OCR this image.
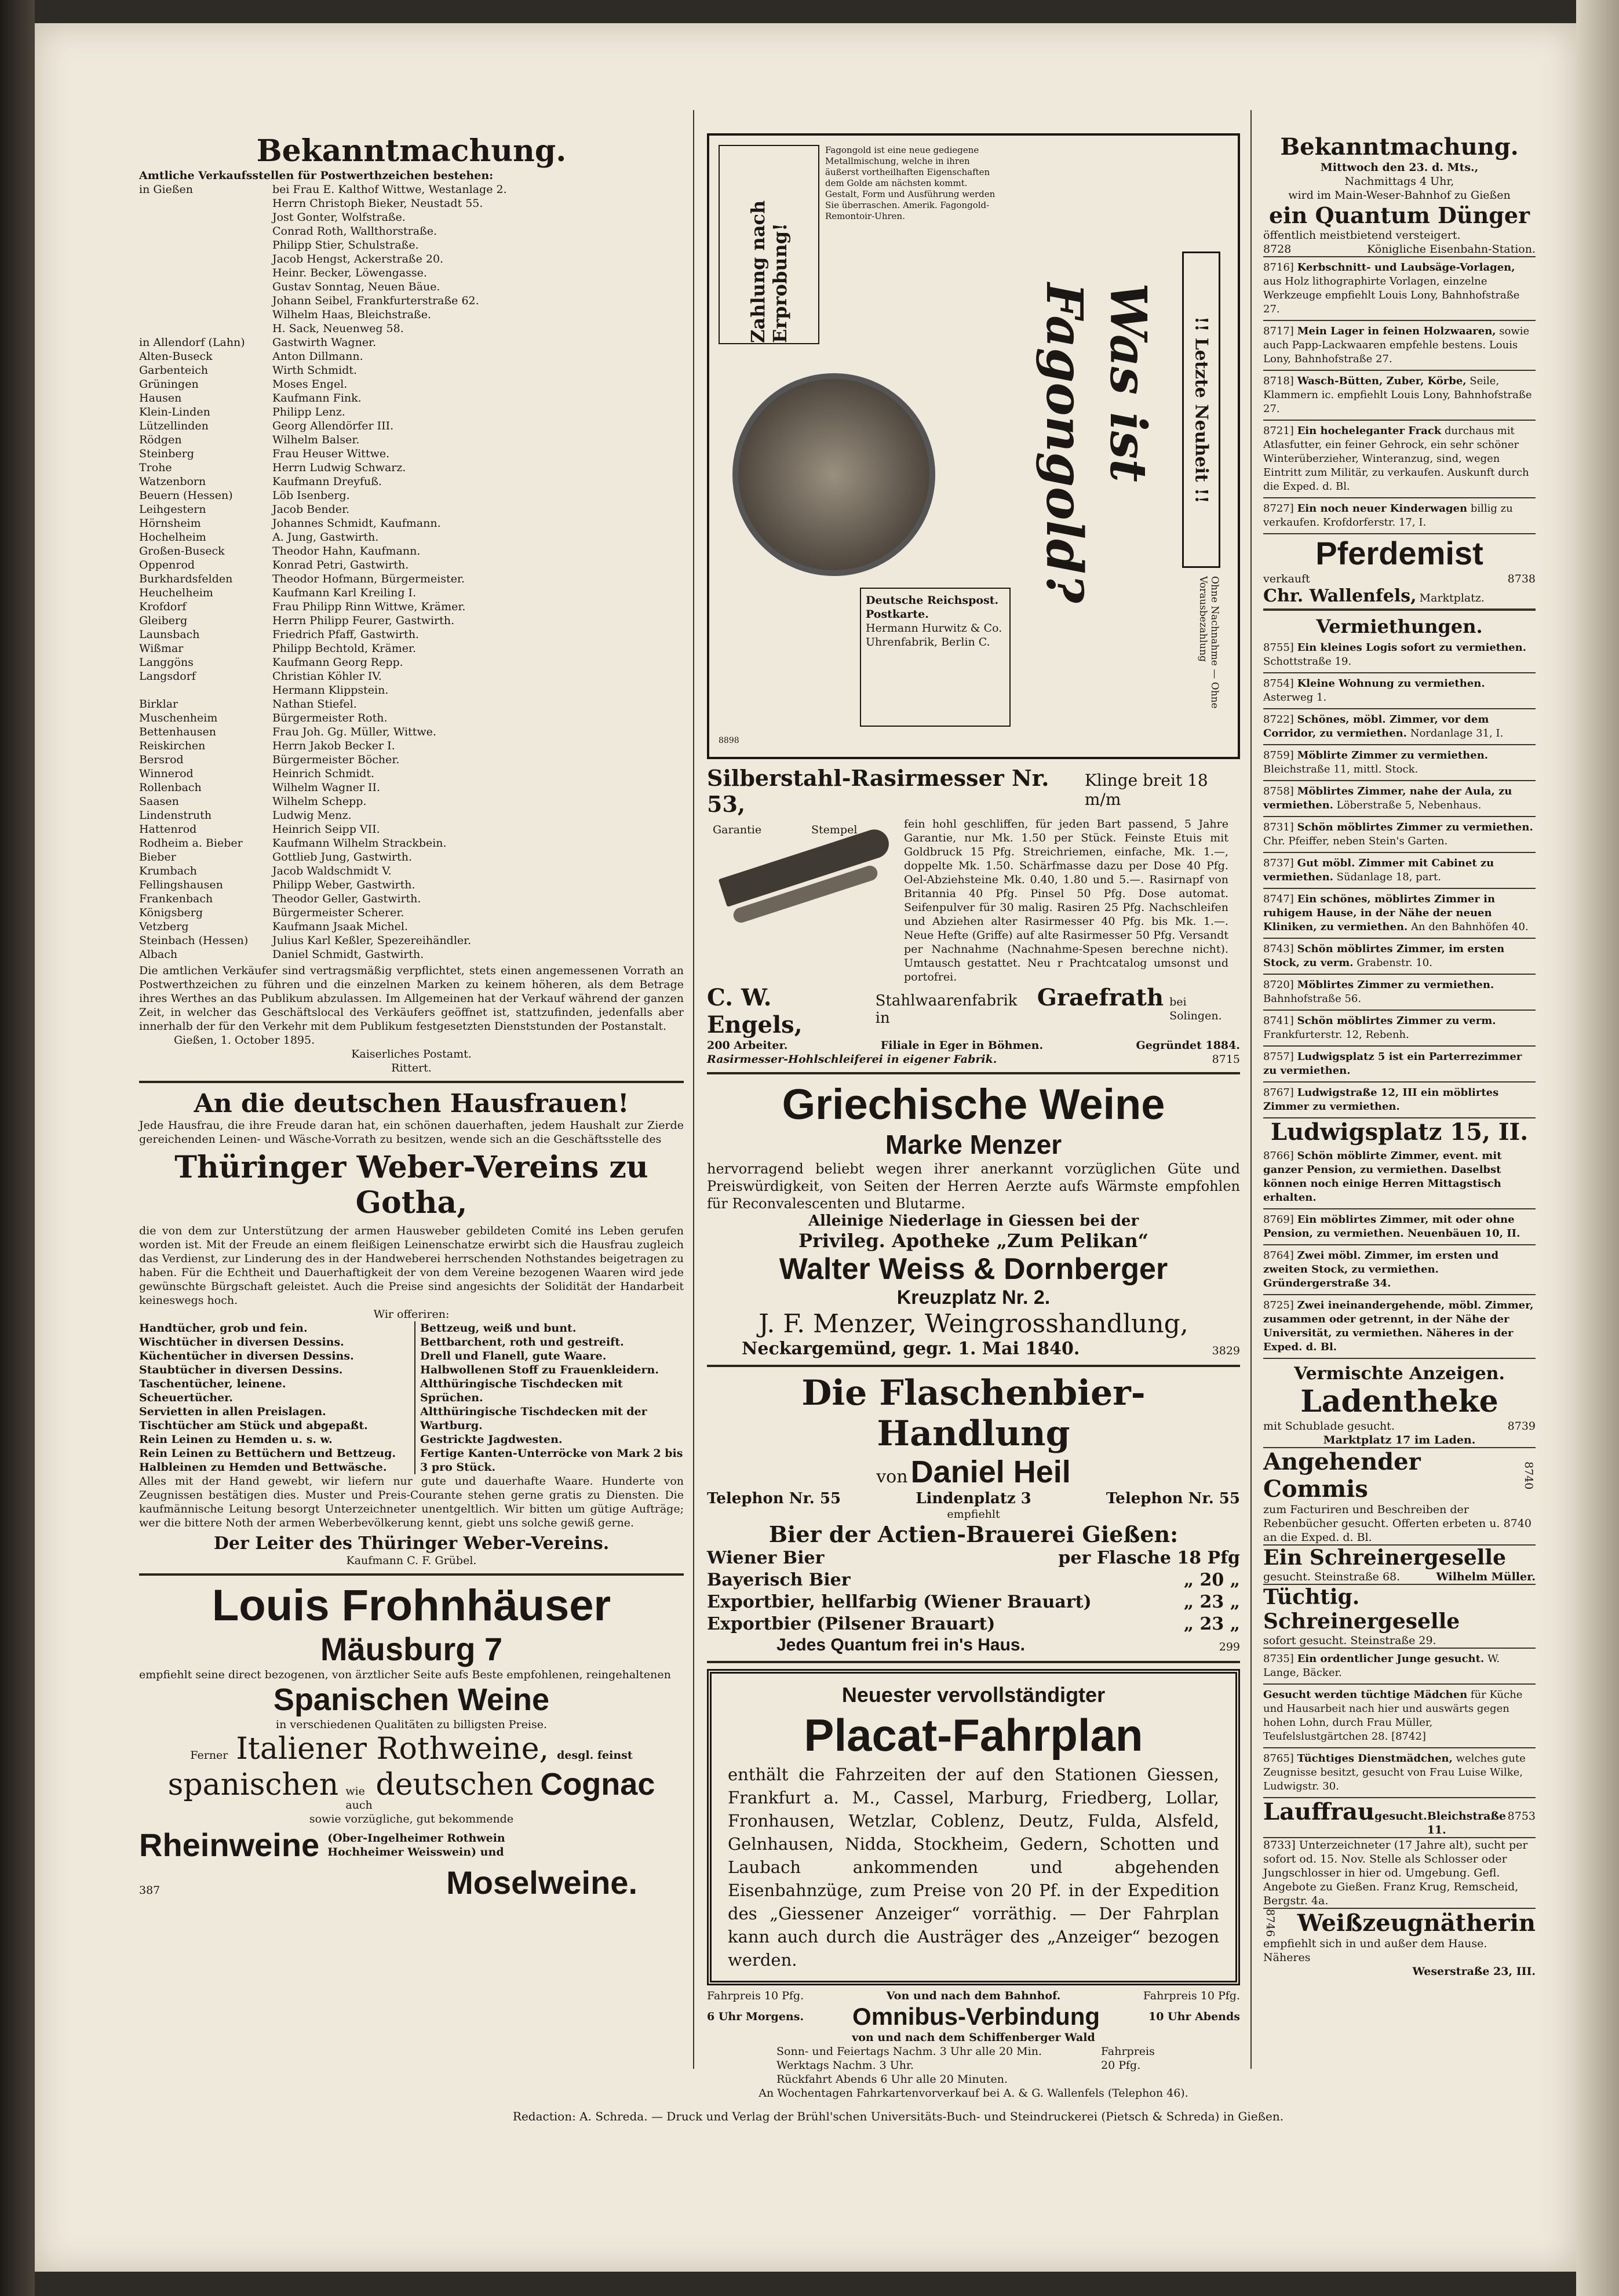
Bekanntmachung.
Amtliche Verkaufsstellen für Postwerthzeichen bestehen:
in Gießen	bei Frau E. Kalthof Wittwe, Westanlage 2.
Herrn Christoph Bieker, Neustadt 55.
Jost Gonter, Wolfstraße.
Conrad Roth, Wallthorstraße.
Philipp Stier, Schulstraße.
Jacob Hengst, Ackerstraße 20.
Heinr. Becker, Löwengasse.
Gustav Sonntag, Neuen Bäue.
Johann Seibel, Frankfurterstraße 62.
Wilhelm Haas, Bleichstraße.
H. Sack, Neuenweg 58.
in Allendorf (Lahn)	Gastwirth Wagner.
Alten-Buseck	Anton Dillmann.
Garbenteich	Wirth Schmidt.
Grüningen	Moses Engel.
Hausen	Kaufmann Fink.
Klein-Linden	Philipp Lenz.
Lützellinden	Georg Allendörfer III.
Rödgen	Wilhelm Balser.
Steinberg	Frau Heuser Wittwe.
Trohe	Herrn Ludwig Schwarz.
Watzenborn	Kaufmann Dreyfuß.
Beuern (Hessen)	Löb Isenberg.
Leihgestern	Jacob Bender.
Hörnsheim	Johannes Schmidt, Kaufmann.
Hochelheim	A. Jung, Gastwirth.
Großen-Buseck	Theodor Hahn, Kaufmann.
Oppenrod	Konrad Petri, Gastwirth.
Burkhardsfelden	Theodor Hofmann, Bürgermeister.
Heuchelheim	Kaufmann Karl Kreiling I.
Krofdorf	Frau Philipp Rinn Wittwe, Krämer.
Gleiberg	Herrn Philipp Feurer, Gastwirth.
Launsbach	Friedrich Pfaff, Gastwirth.
Wißmar	Philipp Bechtold, Krämer.
Langgöns	Kaufmann Georg Repp.
Langsdorf	Christian Köhler IV.
Hermann Klippstein.
Birklar	Nathan Stiefel.
Muschenheim	Bürgermeister Roth.
Bettenhausen	Frau Joh. Gg. Müller, Wittwe.
Reiskirchen	Herrn Jakob Becker I.
Bersrod	Bürgermeister Böcher.
Winnerod	Heinrich Schmidt.
Rollenbach	Wilhelm Wagner II.
Saasen	Wilhelm Schepp.
Lindenstruth	Ludwig Menz.
Hattenrod	Heinrich Seipp VII.
Rodheim a. Bieber	Kaufmann Wilhelm Strackbein.
Bieber	Gottlieb Jung, Gastwirth.
Krumbach	Jacob Waldschmidt V.
Fellingshausen	Philipp Weber, Gastwirth.
Frankenbach	Theodor Geller, Gastwirth.
Königsberg	Bürgermeister Scherer.
Vetzberg	Kaufmann Jsaak Michel.
Steinbach (Hessen)	Julius Karl Keßler, Spezereihändler.
Albach	Daniel Schmidt, Gastwirth.
Die amtlichen Verkäufer sind vertragsmäßig verpflichtet, stets einen angemessenen Vorrath an Postwerthzeichen zu führen und die einzelnen Marken zu keinem höheren, als dem Betrage ihres Werthes an das Publikum abzulassen. Im Allgemeinen hat der Verkauf während der ganzen Zeit, in welcher das Geschäftslocal des Verkäufers geöffnet ist, stattzufinden, jedenfalls aber innerhalb der für den Verkehr mit dem Publikum festgesetzten Dienststunden der Postanstalt.
Gießen, 1. October 1895.
Kaiserliches Postamt.
Rittert.
An die deutschen Hausfrauen!
Jede Hausfrau, die ihre Freude daran hat, ein schönen dauerhaften, jedem Haushalt zur Zierde gereichenden Leinen- und Wäsche-Vorrath zu besitzen, wende sich an die Geschäftsstelle des
Thüringer Weber-Vereins zu Gotha,
die von dem zur Unterstützung der armen Hausweber gebildeten Comité ins Leben gerufen worden ist. Mit der Freude an einem fleißigen Leinenschatze erwirbt sich die Hausfrau zugleich das Verdienst, zur Linderung des in der Handweberei herrschenden Nothstandes beigetragen zu haben. Für die Echtheit und Dauerhaftigkeit der von dem Vereine bezogenen Waaren wird jede gewünschte Bürgschaft geleistet. Auch die Preise sind angesichts der Solidität der Handarbeit keineswegs hoch.
Wir offeriren:
Handtücher, grob und fein.
Wischtücher in diversen Dessins.
Küchentücher in diversen Dessins.
Staubtücher in diversen Dessins.
Taschentücher, leinene.
Scheuertücher.
Servietten in allen Preislagen.
Tischtücher am Stück und abgepaßt.
Rein Leinen zu Hemden u. s. w.
Rein Leinen zu Bettüchern und Bettzeug.
Halbleinen zu Hemden und Bettwäsche.
Bettzeug, weiß und bunt.
Bettbarchent, roth und gestreift.
Drell und Flanell, gute Waare.
Halbwollenen Stoff zu Frauenkleidern.
Altthüringische Tischdecken mit Sprüchen.
Altthüringische Tischdecken mit der Wartburg.
Gestrickte Jagdwesten.
Fertige Kanten-Unterröcke von Mark 2 bis 3 pro Stück.
Alles mit der Hand gewebt, wir liefern nur gute und dauerhafte Waare. Hunderte von Zeugnissen bestätigen dies. Muster und Preis-Courante stehen gerne gratis zu Diensten. Die kaufmännische Leitung besorgt Unterzeichneter unentgeltlich. Wir bitten um gütige Aufträge; wer die bittere Noth der armen Weberbevölkerung kennt, giebt uns solche gewiß gerne.
Der Leiter des Thüringer Weber-Vereins.
Kaufmann C. F. Grübel.
Louis Frohnhäuser
Mäusburg 7
empfiehlt seine direct bezogenen, von ärztlicher Seite aufs Beste empfohlenen, reingehaltenen
Spanischen Weine
in verschiedenen Qualitäten zu billigsten Preise.
Ferner Italiener Rothweine, desgl. feinst
spanischen wie auch
deutschen Cognac
sowie vorzügliche, gut bekommende
Rheinweine (Ober-Ingelheimer Rothwein Hochheimer Weisswein) und
387	Moselweine.
Zahlung nach Erprobung!
Fagongold ist eine neue gediegene Metallmischung, welche in ihren äußerst vortheilhaften Eigenschaften dem Golde am nächsten kommt. Gestalt, Form und Ausführung werden Sie überraschen. Amerik. Fagongold-Remontoir-Uhren.
Deutsche Reichspost. Postkarte.
Hermann Hurwitz & Co. Uhrenfabrik, Berlin C.
Was ist
Fagongold?	!! Letzte Neuheit !!
Ohne Nachnahme — Ohne Vorausbezahlung
8898
Silberstahl-Rasirmesser Nr. 53,
Klinge breit 18 m/m
Garantie	Stempel	fein hohl geschliffen, für jeden Bart passend, 5 Jahre Garantie, nur Mk. 1.50 per Stück. Feinste Etuis mit Goldbruck 15 Pfg. Streichriemen, einfache, Mk. 1.—, doppelte Mk. 1.50. Schärfmasse dazu per Dose 40 Pfg. Oel-Abziehsteine Mk. 0.40, 1.80 und 5.—. Rasirnapf von Britannia 40 Pfg. Pinsel 50 Pfg. Dose automat. Seifenpulver für 30 malig. Rasiren 25 Pfg. Nachschleifen und Abziehen alter Rasirmesser 40 Pfg. bis Mk. 1.—. Neue Hefte (Griffe) auf alte Rasirmesser 50 Pfg. Versandt per Nachnahme (Nachnahme-Spesen berechne nicht). Umtausch gestattet. Neu r Prachtcatalog umsonst und portofrei.
C. W. Engels,
Stahlwaarenfabrik in
Graefrath bei Solingen.
200 Arbeiter.	Filiale in Eger in Böhmen.	Gegründet 1884.
Rasirmesser-Hohlschleiferei in eigener Fabrik.	8715
Griechische Weine
Marke Menzer
hervorragend beliebt wegen ihrer anerkannt vorzüglichen Güte und Preiswürdigkeit, von Seiten der Herren Aerzte aufs Wärmste empfohlen für Reconvalescenten und Blutarme.
Alleinige Niederlage in Giessen bei der
Privileg. Apotheke „Zum Pelikan“
Walter Weiss & Dornberger
Kreuzplatz Nr. 2.
J. F. Menzer, Weingrosshandlung,
Neckargemünd, gegr. 1. Mai 1840.	3829
Die Flaschenbier-Handlung
von Daniel Heil
Telephon Nr. 55	Lindenplatz 3	Telephon Nr. 55
empfiehlt
Bier der Actien-Brauerei Gießen:
Wiener Bier	per Flasche 18 Pfg
Bayerisch Bier	„ 20 „
Exportbier, hellfarbig (Wiener Brauart)	„ 23 „
Exportbier (Pilsener Brauart)	„ 23 „
Jedes Quantum frei in's Haus.	299
Neuester vervollständigter
Placat-Fahrplan
enthält die Fahrzeiten der auf den Stationen Giessen, Frankfurt a. M., Cassel, Marburg, Friedberg, Lollar, Fronhausen, Wetzlar, Coblenz, Deutz, Fulda, Alsfeld, Gelnhausen, Nidda, Stockheim, Gedern, Schotten und Laubach ankommenden und abgehenden Eisenbahnzüge, zum Preise von 20 Pf. in der Expedition des „Giessener Anzeiger“ vorräthig. — Der Fahrplan kann auch durch die Austräger des „Anzeiger“ bezogen werden.
Fahrpreis 10 Pfg.	Von und nach dem Bahnhof.	Fahrpreis 10 Pfg.
6 Uhr Morgens. Omnibus-Verbindung	10 Uhr Abends
von und nach dem Schiffenberger Wald
Sonn- und Feiertags Nachm. 3 Uhr alle 20 Min.
Werktags Nachm. 3 Uhr.
Rückfahrt Abends 6 Uhr alle 20 Minuten.
Fahrpreis 20 Pfg.
An Wochentagen Fahrkartenvorverkauf bei A. & G. Wallenfels (Telephon 46).
Bekanntmachung.
Mittwoch den 23. d. Mts.,
Nachmittags 4 Uhr,
wird im Main-Weser-Bahnhof zu Gießen
ein Quantum Dünger
öffentlich meistbietend versteigert.
8728	Königliche Eisenbahn-Station.
8716] Kerbschnitt- und Laubsäge-Vorlagen, aus Holz lithographirte Vorlagen, einzelne Werkzeuge empfiehlt Louis Lony, Bahnhofstraße 27.
8717] Mein Lager in feinen Holzwaaren, sowie auch Papp-Lackwaaren empfehle bestens. Louis Lony, Bahnhofstraße 27.
8718] Wasch-Bütten, Zuber, Körbe, Seile, Klammern ic. empfiehlt Louis Lony, Bahnhofstraße 27.
8721] Ein hocheleganter Frack durchaus mit Atlasfutter, ein feiner Gehrock, ein sehr schöner Winterüberzieher, Winteranzug, sind, wegen Eintritt zum Militär, zu verkaufen. Auskunft durch die Exped. d. Bl.
8727] Ein noch neuer Kinderwagen billig zu verkaufen. Krofdorferstr. 17, I.
Pferdemist
verkauft	8738
Chr. Wallenfels, Marktplatz.
Vermiethungen.
8755] Ein kleines Logis sofort zu vermiethen. Schottstraße 19.
8754] Kleine Wohnung zu vermiethen. Asterweg 1.
8722] Schönes, möbl. Zimmer, vor dem Corridor, zu vermiethen. Nordanlage 31, I.
8759] Möblirte Zimmer zu vermiethen. Bleichstraße 11, mittl. Stock.
8758] Möblirtes Zimmer, nahe der Aula, zu vermiethen. Löberstraße 5, Nebenhaus.
8731] Schön möblirtes Zimmer zu vermiethen. Chr. Pfeiffer, neben Stein's Garten.
8737] Gut möbl. Zimmer mit Cabinet zu vermiethen. Südanlage 18, part.
8747] Ein schönes, möblirtes Zimmer in ruhigem Hause, in der Nähe der neuen Kliniken, zu vermiethen. An den Bahnhöfen 40.
8743] Schön möblirtes Zimmer, im ersten Stock, zu verm. Grabenstr. 10.
8720] Möblirtes Zimmer zu vermiethen. Bahnhofstraße 56.
8741] Schön möblirtes Zimmer zu verm. Frankfurterstr. 12, Rebenh.
8757] Ludwigsplatz 5 ist ein Parterrezimmer zu vermiethen.
8767] Ludwigstraße 12, III ein möblirtes Zimmer zu vermiethen.
Ludwigsplatz 15, II.
8766] Schön möblirte Zimmer, event. mit ganzer Pension, zu vermiethen. Daselbst können noch einige Herren Mittagstisch erhalten.
8769] Ein möblirtes Zimmer, mit oder ohne Pension, zu vermiethen. Neuenbäuen 10, II.
8764] Zwei möbl. Zimmer, im ersten und zweiten Stock, zu vermiethen. Gründergerstraße 34.
8725] Zwei ineinandergehende, möbl. Zimmer, zusammen oder getrennt, in der Nähe der Universität, zu vermiethen. Näheres in der Exped. d. Bl.
Vermischte Anzeigen.
Ladentheke
mit Schublade gesucht.	8739
Marktplatz 17 im Laden.
Angehender Commis	8740
zum Facturiren und Beschreiben der Rebenbücher gesucht. Offerten erbeten u. 8740 an die Exped. d. Bl.
Ein Schreinergeselle
gesucht. Steinstraße 68.	Wilhelm Müller.
Tüchtig. Schreinergeselle
sofort gesucht. Steinstraße 29.
8735] Ein ordentlicher Junge gesucht. W. Lange, Bäcker.
Gesucht werden tüchtige Mädchen für Küche und Hausarbeit nach hier und auswärts gegen hohen Lohn, durch Frau Müller, Teufelslustgärtchen 28. [8742]
8765] Tüchtiges Dienstmädchen, welches gute Zeugnisse besitzt, gesucht von Frau Luise Wilke, Ludwigstr. 30.
Lauffrau gesucht. Bleichstraße 11.
8753
8733] Unterzeichneter (17 Jahre alt), sucht per sofort od. 15. Nov. Stelle als Schlosser oder Jungschlosser in hier od. Umgebung. Gefl. Angebote zu Gießen. Franz Krug, Remscheid, Bergstr. 4a.
8746 Weißzeugnätherin
empfiehlt sich in und außer dem Hause. Näheres
Weserstraße 23, III.
Redaction: A. Schreda. — Druck und Verlag der Brühl'schen Universitäts-Buch- und Steindruckerei (Pietsch & Schreda) in Gießen.
